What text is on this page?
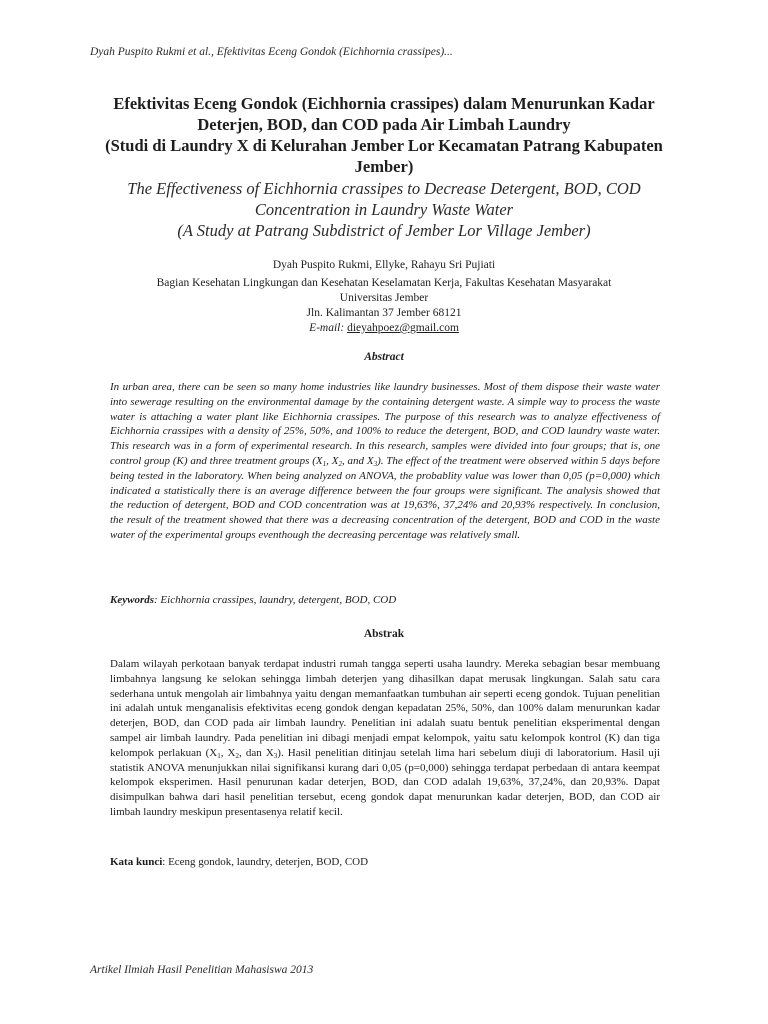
Dyah Puspito Rukmi et al., Efektivitas Eceng Gondok (Eichhornia crassipes)...
Efektivitas Eceng Gondok (Eichhornia crassipes) dalam Menurunkan Kadar
Deterjen, BOD, dan COD pada Air Limbah Laundry
(Studi di Laundry X di Kelurahan Jember Lor Kecamatan Patrang Kabupaten
Jember)
The Effectiveness of Eichhornia crassipes to Decrease Detergent, BOD, COD
Concentration in Laundry Waste Water
(A Study at Patrang Subdistrict of Jember Lor Village Jember)
Dyah Puspito Rukmi, Ellyke, Rahayu Sri Pujiati
Bagian Kesehatan Lingkungan dan Kesehatan Keselamatan Kerja, Fakultas Kesehatan Masyarakat
Universitas Jember
Jln. Kalimantan 37 Jember 68121
E-mail: dieyahpoez@gmail.com
Abstract
In urban area, there can be seen so many home industries like laundry businesses. Most of them dispose their waste water into sewerage resulting on the environmental damage by the containing detergent waste. A simple way to process the waste water is attaching a water plant like Eichhornia crassipes. The purpose of this research was to analyze effectiveness of Eichhornia crassipes with a density of 25%, 50%, and 100% to reduce the detergent, BOD, and COD laundry waste water. This research was in a form of experimental research. In this research, samples were divided into four groups; that is, one control group (K) and three treatment groups ($X_1$, $X_2$, and $X_3$). The effect of the treatment were observed within 5 days before being tested in the laboratory. When being analyzed on ANOVA, the probablity value was lower than 0,05 (p=0,000) which indicated a statistically there is an average difference between the four groups were significant. The analysis showed that the reduction of detergent, BOD and COD concentration was at 19,63%, 37,24% and 20,93% respectively. In conclusion, the result of the treatment showed that there was a decreasing concentration of the detergent, BOD and COD in the waste water of the experimental groups eventhough the decreasing percentage was relatively small.
Keywords: Eichhornia crassipes, laundry, detergent, BOD, COD
Abstrak
Dalam wilayah perkotaan banyak terdapat industri rumah tangga seperti usaha laundry. Mereka sebagian besar membuang limbahnya langsung ke selokan sehingga limbah deterjen yang dihasilkan dapat merusak lingkungan. Salah satu cara sederhana untuk mengolah air limbahnya yaitu dengan memanfaatkan tumbuhan air seperti eceng gondok. Tujuan penelitian ini adalah untuk menganalisis efektivitas eceng gondok dengan kepadatan 25%, 50%, dan 100% dalam menurunkan kadar deterjen, BOD, dan COD pada air limbah laundry. Penelitian ini adalah suatu bentuk penelitian eksperimental dengan sampel air limbah laundry. Pada penelitian ini dibagi menjadi empat kelompok, yaitu satu kelompok kontrol (K) dan tiga kelompok perlakuan ($X_1$, $X_2$, dan $X_3$). Hasil penelitian ditinjau setelah lima hari sebelum diuji di laboratorium. Hasil uji statistik ANOVA menunjukkan nilai signifikansi kurang dari 0,05 (p=0,000) sehingga terdapat perbedaan di antara keempat kelompok eksperimen. Hasil penurunan kadar deterjen, BOD, dan COD adalah 19,63%, 37,24%, dan 20,93%. Dapat disimpulkan bahwa dari hasil penelitian tersebut, eceng gondok dapat menurunkan kadar deterjen, BOD, dan COD air limbah laundry meskipun presentasenya relatif kecil.
Kata kunci: Eceng gondok, laundry, deterjen, BOD, COD
Artikel Ilmiah Hasil Penelitian Mahasiswa 2013
